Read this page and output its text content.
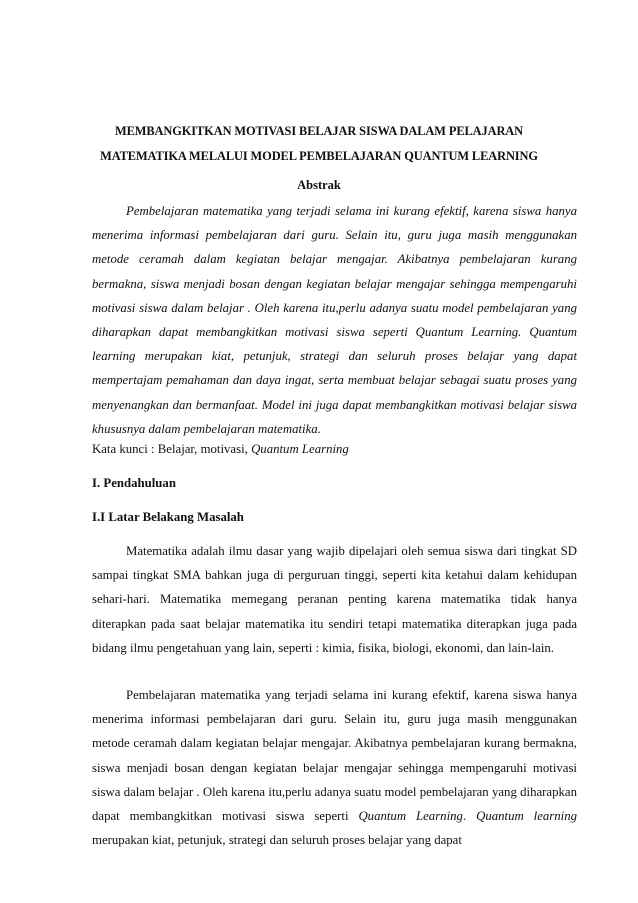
MEMBANGKITKAN MOTIVASI BELAJAR SISWA DALAM PELAJARAN
MATEMATIKA MELALUI MODEL PEMBELAJARAN QUANTUM LEARNING
Abstrak

Pembelajaran matematika yang terjadi selama ini kurang efektif, karena siswa hanya menerima informasi pembelajaran dari guru. Selain itu, guru juga masih menggunakan metode ceramah dalam kegiatan belajar mengajar. Akibatnya pembelajaran kurang bermakna, siswa menjadi bosan dengan kegiatan belajar mengajar sehingga mempengaruhi motivasi siswa dalam belajar . Oleh karena itu,perlu adanya suatu model pembelajaran yang diharapkan dapat membangkitkan motivasi siswa seperti Quantum Learning. Quantum learning merupakan kiat, petunjuk, strategi dan seluruh proses belajar yang dapat mempertajam pemahaman dan daya ingat, serta membuat belajar sebagai suatu proses yang menyenangkan dan bermanfaat. Model ini juga dapat membangkitkan motivasi belajar siswa khususnya dalam pembelajaran matematika.

Kata kunci : Belajar, motivasi, Quantum Learning
I. Pendahuluan
I.I Latar Belakang Masalah

Matematika adalah ilmu dasar yang wajib dipelajari oleh semua siswa dari tingkat SD sampai tingkat SMA bahkan juga di perguruan tinggi, seperti kita ketahui dalam kehidupan sehari-hari. Matematika memegang peranan penting karena matematika tidak hanya diterapkan pada saat belajar matematika itu sendiri tetapi matematika diterapkan juga pada bidang ilmu pengetahuan yang lain, seperti : kimia, fisika, biologi, ekonomi, dan lain-lain.

Pembelajaran matematika yang terjadi selama ini kurang efektif, karena siswa hanya menerima informasi pembelajaran dari guru. Selain itu, guru juga masih menggunakan metode ceramah dalam kegiatan belajar mengajar. Akibatnya pembelajaran kurang bermakna, siswa menjadi bosan dengan kegiatan belajar mengajar sehingga mempengaruhi motivasi siswa dalam belajar . Oleh karena itu,perlu adanya suatu model pembelajaran yang diharapkan dapat membangkitkan motivasi siswa seperti Quantum Learning. Quantum learning merupakan kiat, petunjuk, strategi dan seluruh proses belajar yang dapat
